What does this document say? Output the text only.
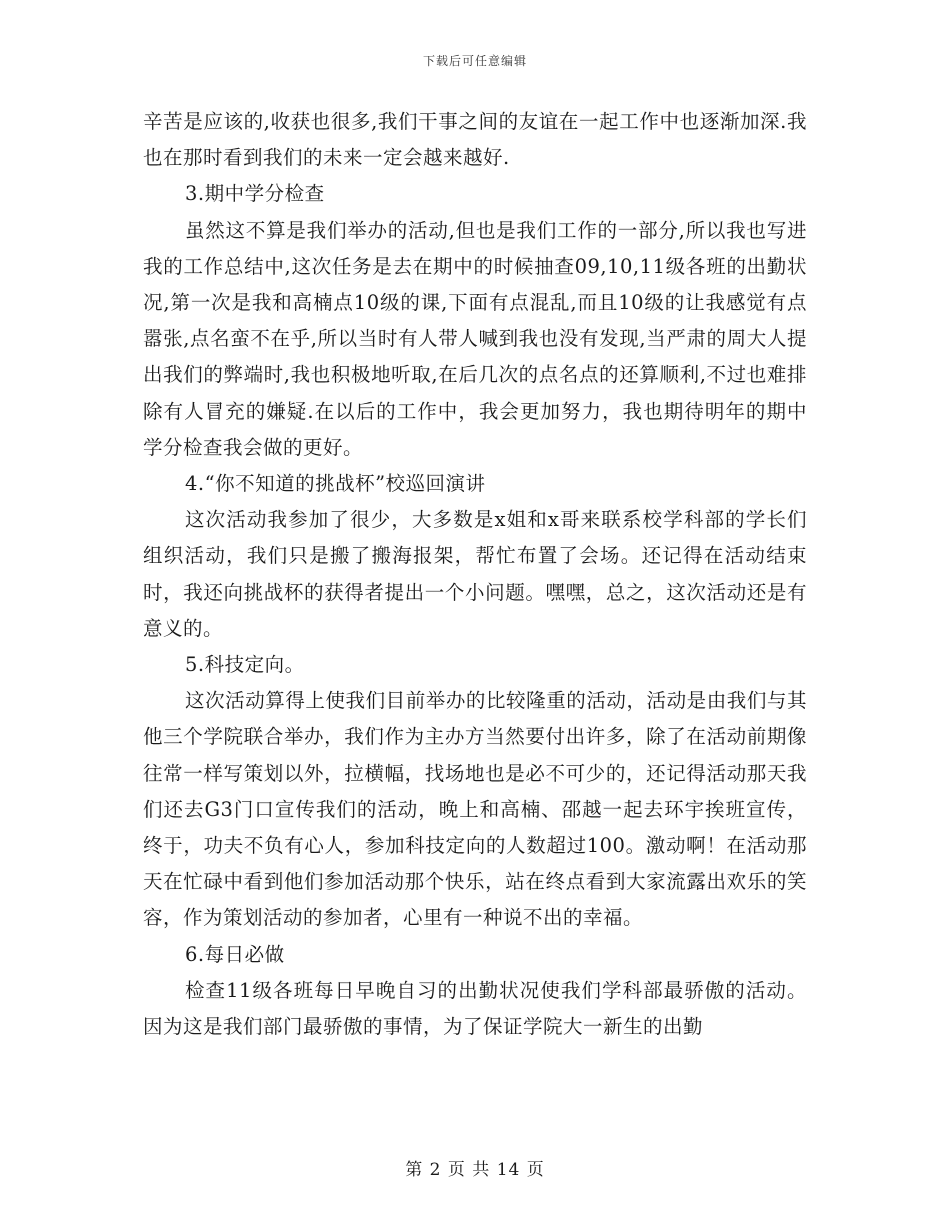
下载后可任意编辑

辛苦是应该的,收获也很多,我们干事之间的友谊在一起工作中也逐渐加深.我也在那时看到我们的未来一定会越来越好.

3.期中学分检查

虽然这不算是我们举办的活动,但也是我们工作的一部分,所以我也写进我的工作总结中,这次任务是去在期中的时候抽查09,10,11级各班的出勤状况,第一次是我和高楠点10级的课,下面有点混乱,而且10级的让我感觉有点嚣张,点名蛮不在乎,所以当时有人带人喊到我也没有发现,当严肃的周大人提出我们的弊端时,我也积极地听取,在后几次的点名点的还算顺利,不过也难排除有人冒充的嫌疑.在以后的工作中，我会更加努力，我也期待明年的期中学分检查我会做的更好。

4.“你不知道的挑战杯”校巡回演讲

这次活动我参加了很少，大多数是x姐和x哥来联系校学科部的学长们组织活动，我们只是搬了搬海报架，帮忙布置了会场。还记得在活动结束时，我还向挑战杯的获得者提出一个小问题。嘿嘿，总之，这次活动还是有意义的。

5.科技定向。

这次活动算得上使我们目前举办的比较隆重的活动，活动是由我们与其他三个学院联合举办，我们作为主办方当然要付出许多，除了在活动前期像往常一样写策划以外，拉横幅，找场地也是必不可少的，还记得活动那天我们还去G3门口宣传我们的活动，晚上和高楠、邵越一起去环宇挨班宣传，终于，功夫不负有心人，参加科技定向的人数超过100。激动啊！在活动那天在忙碌中看到他们参加活动那个快乐，站在终点看到大家流露出欢乐的笑容，作为策划活动的参加者，心里有一种说不出的幸福。

6.每日必做

检查11级各班每日早晚自习的出勤状况使我们学科部最骄傲的活动。因为这是我们部门最骄傲的事情，为了保证学院大一新生的出勤

第 2 页 共 14 页
